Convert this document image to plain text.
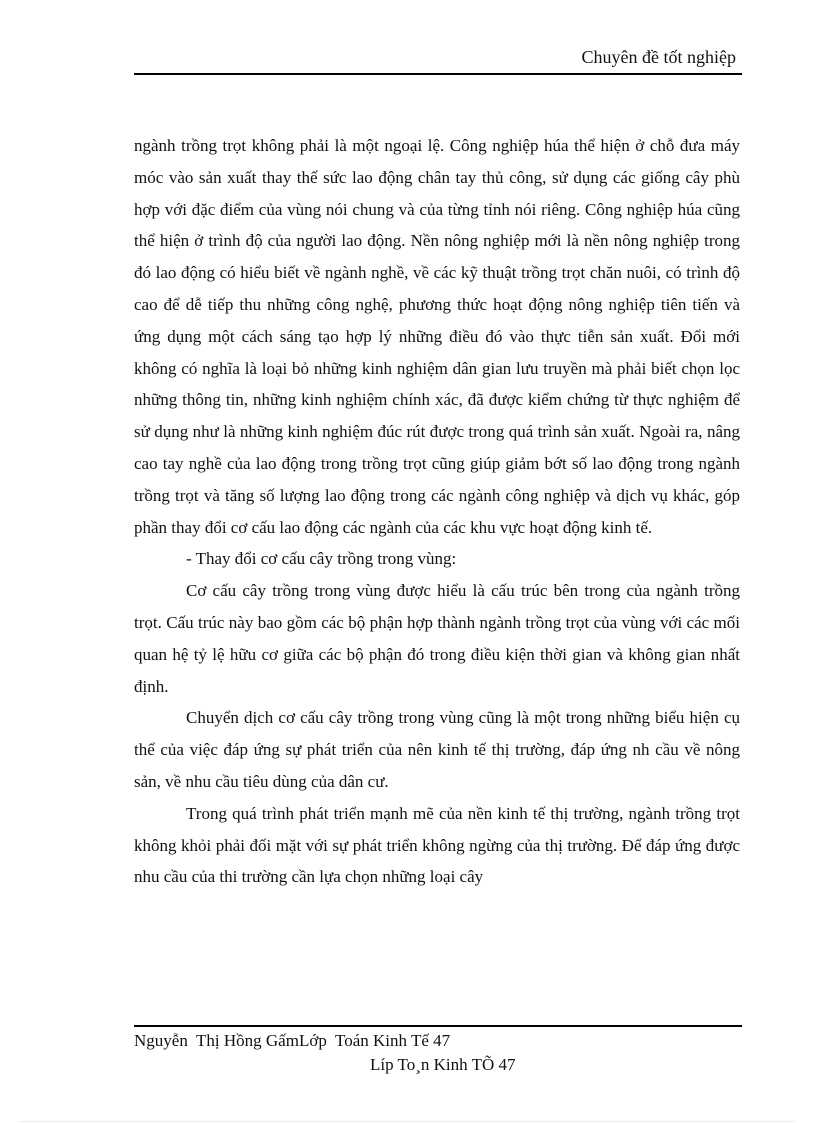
Chuyên đề tốt nghiệp

ngành trồng trọt không phải là một ngoại lệ. Công nghiệp húa thể hiện ở chỗ đưa máy móc vào sản xuất thay thế sức lao động chân tay thủ công, sử dụng các giống cây phù hợp với đặc điểm của vùng nói chung và của từng tỉnh nói riêng. Công nghiệp húa cũng thể hiện ở trình độ của người lao động. Nền nông nghiệp mới là nền nông nghiệp trong đó lao động có hiểu biết về ngành nghề, về các kỹ thuật trồng trọt chăn nuôi, có trình độ cao để dễ tiếp thu những công nghệ, phương thức hoạt động nông nghiệp tiên tiến và ứng dụng một cách sáng tạo hợp lý những điều đó vào thực tiễn sản xuất. Đổi mới không có nghĩa là loại bỏ những kinh nghiệm dân gian lưu truyền mà phải biết chọn lọc những thông tin, những kinh nghiệm chính xác, đã được kiểm chứng từ thực nghiệm để sử dụng như là những kinh nghiệm đúc rút được trong quá trình sản xuất. Ngoài ra, nâng cao tay nghề của lao động trong trồng trọt cũng giúp giảm bớt số lao động trong ngành trồng trọt và tăng số lượng lao động trong các ngành công nghiệp và dịch vụ khác, góp phần thay đổi cơ cấu lao động các ngành của các khu vực hoạt động kinh tế.

- Thay đổi cơ cấu cây trồng trong vùng:

Cơ cấu cây trồng trong vùng được hiểu là cấu trúc bên trong của ngành trồng trọt. Cấu trúc này bao gồm các bộ phận hợp thành ngành trồng trọt của vùng với các mối quan hệ tỷ lệ hữu cơ giữa các bộ phận đó trong điều kiện thời gian và không gian nhất định.

Chuyển dịch cơ cấu cây trồng trong vùng cũng là một trong những biểu hiện cụ thể của việc đáp ứng sự phát triển của nên kinh tế thị trường, đáp ứng nh cầu về nông sản, về nhu cầu tiêu dùng của dân cư.

Trong quá trình phát triển mạnh mẽ của nền kinh tế thị trường, ngành trồng trọt không khỏi phải đối mặt với sự phát triển không ngừng của thị trường. Để đáp ứng được nhu cầu của thi trường cần lựa chọn những loại cây

Nguyễn  Thị Hồng GấmLớp  Toán Kinh Tế 47
Líp To¸n Kinh TÕ 47
